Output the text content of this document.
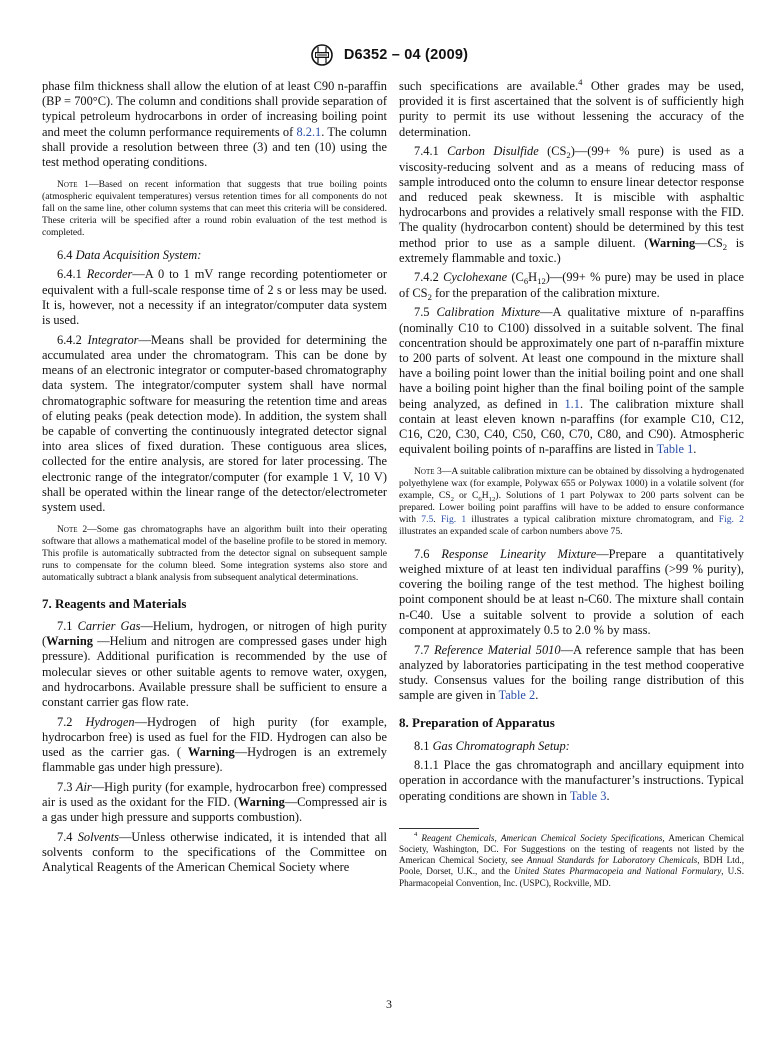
D6352 – 04 (2009)

phase film thickness shall allow the elution of at least C90 n-paraffin (BP = 700°C). The column and conditions shall provide separation of typical petroleum hydrocarbons in order of increasing boiling point and meet the column performance requirements of 8.2.1. The column shall provide a resolution between three (3) and ten (10) using the test method operating conditions.

Note 1—Based on recent information that suggests that true boiling points (atmospheric equivalent temperatures) versus retention times for all components do not fall on the same line, other column systems that can meet this criteria will be considered. These criteria will be specified after a round robin evaluation of the test method is completed.

6.4 Data Acquisition System:

6.4.1 Recorder—A 0 to 1 mV range recording potentiometer or equivalent with a full-scale response time of 2 s or less may be used. It is, however, not a necessity if an integrator/computer data system is used.

6.4.2 Integrator—Means shall be provided for determining the accumulated area under the chromatogram. This can be done by means of an electronic integrator or computer-based chromatography data system. The integrator/computer system shall have normal chromatographic software for measuring the retention time and areas of eluting peaks (peak detection mode). In addition, the system shall be capable of converting the continuously integrated detector signal into area slices of fixed duration. These contiguous area slices, collected for the entire analysis, are stored for later processing. The electronic range of the integrator/computer (for example 1 V, 10 V) shall be operated within the linear range of the detector/electrometer system used.

Note 2—Some gas chromatographs have an algorithm built into their operating software that allows a mathematical model of the baseline profile to be stored in memory. This profile is automatically subtracted from the detector signal on subsequent sample runs to compensate for the column bleed. Some integration systems also store and automatically subtract a blank analysis from subsequent analytical determinations.

7. Reagents and Materials

7.1 Carrier Gas—Helium, hydrogen, or nitrogen of high purity (Warning —Helium and nitrogen are compressed gases under high pressure). Additional purification is recommended by the use of molecular sieves or other suitable agents to remove water, oxygen, and hydrocarbons. Available pressure shall be sufficient to ensure a constant carrier gas flow rate.

7.2 Hydrogen—Hydrogen of high purity (for example, hydrocarbon free) is used as fuel for the FID. Hydrogen can also be used as the carrier gas. ( Warning—Hydrogen is an extremely flammable gas under high pressure).

7.3 Air—High purity (for example, hydrocarbon free) compressed air is used as the oxidant for the FID. (Warning—Compressed air is a gas under high pressure and supports combustion).

7.4 Solvents—Unless otherwise indicated, it is intended that all solvents conform to the specifications of the Committee on Analytical Reagents of the American Chemical Society where

such specifications are available.$^4$ Other grades may be used, provided it is first ascertained that the solvent is of sufficiently high purity to permit its use without lessening the accuracy of the determination.

7.4.1 Carbon Disulfide $(CS_2)—(99+$ % pure) is used as a viscosity-reducing solvent and as a means of reducing mass of sample introduced onto the column to ensure linear detector response and reduced peak skewness. It is miscible with asphaltic hydrocarbons and provides a relatively small response with the FID. The quality (hydrocarbon content) should be determined by this test method prior to use as a sample diluent. ($Warning—CS_2$ is extremely flammable and toxic.)

7.4.2 Cyclohexane $(C_6H_{12})—(99+$ % pure) may be used in place of $CS_2$ for the preparation of the calibration mixture.

7.5 Calibration Mixture—A qualitative mixture of n-paraffins (nominally C10 to C100) dissolved in a suitable solvent. The final concentration should be approximately one part of n-paraffin mixture to 200 parts of solvent. At least one compound in the mixture shall have a boiling point lower than the initial boiling point and one shall have a boiling point higher than the final boiling point of the sample being analyzed, as defined in 1.1. The calibration mixture shall contain at least eleven known n-paraffins (for example C10, C12, C16, C20, C30, C40, C50, C60, C70, C80, and C90). Atmospheric equivalent boiling points of n-paraffins are listed in Table 1.

Note 3—A suitable calibration mixture can be obtained by dissolving a hydrogenated polyethylene wax (for example, Polywax 655 or Polywax 1000) in a volatile solvent (for example, $CS_2$ or $C_6H_{12}$). Solutions of 1 part Polywax to 200 parts solvent can be prepared. Lower boiling point paraffins will have to be added to ensure conformance with 7.5. Fig. 1 illustrates a typical calibration mixture chromatogram, and Fig. 2 illustrates an expanded scale of carbon numbers above 75.

7.6 Response Linearity Mixture—Prepare a quantitatively weighed mixture of at least ten individual paraffins (>99 % purity), covering the boiling range of the test method. The highest boiling point component should be at least n-C60. The mixture shall contain n-C40. Use a suitable solvent to provide a solution of each component at approximately 0.5 to 2.0 % by mass.

7.7 Reference Material 5010—A reference sample that has been analyzed by laboratories participating in the test method cooperative study. Consensus values for the boiling range distribution of this sample are given in Table 2.

8. Preparation of Apparatus

8.1 Gas Chromatograph Setup:

8.1.1 Place the gas chromatograph and ancillary equipment into operation in accordance with the manufacturer’s instructions. Typical operating conditions are shown in Table 3.

$^4$ Reagent Chemicals, American Chemical Society Specifications, American Chemical Society, Washington, DC. For Suggestions on the testing of reagents not listed by the American Chemical Society, see Annual Standards for Laboratory Chemicals, BDH Ltd., Poole, Dorset, U.K., and the United States Pharmacopeia and National Formulary, U.S. Pharmacopeial Convention, Inc. (USPC), Rockville, MD.

3
